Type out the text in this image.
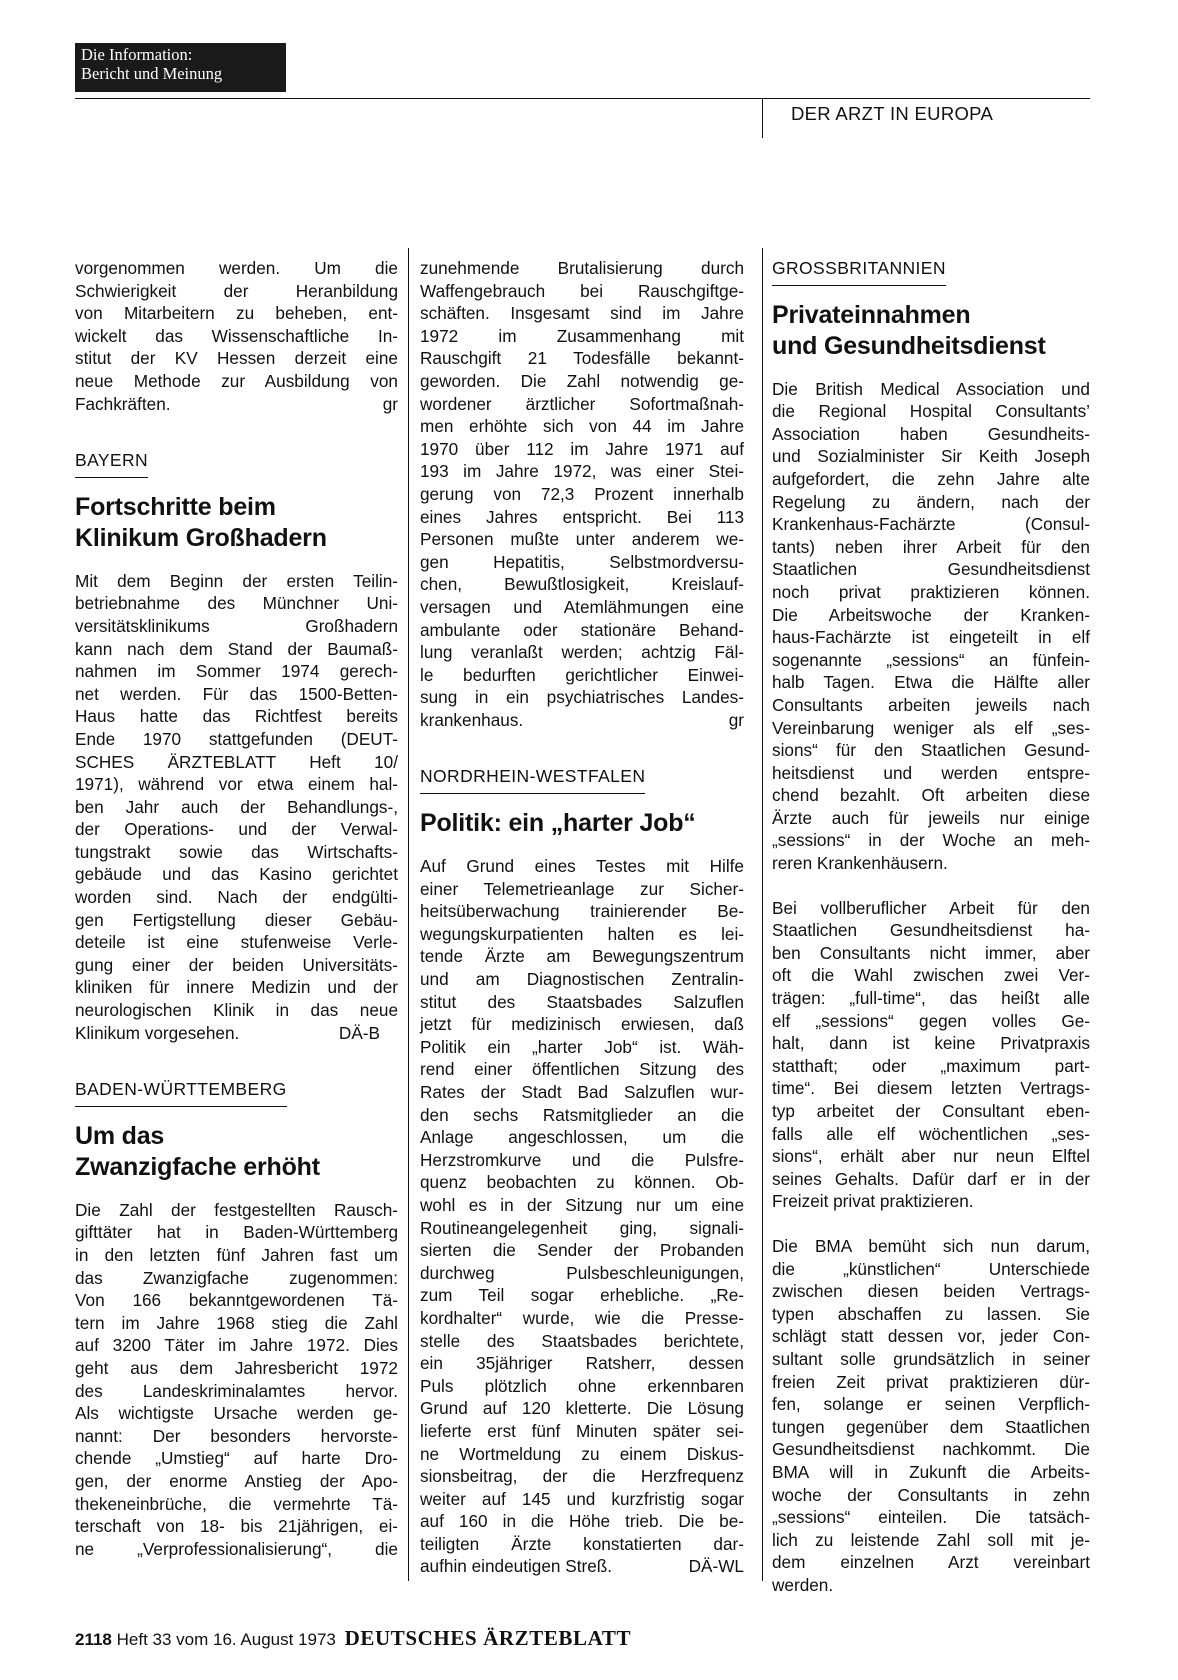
Die Information:
Bericht und Meinung
DER ARZT IN EUROPA
vorgenommen werden. Um die
Schwierigkeit der Heranbildung
von Mitarbeitern zu beheben, ent-
wickelt das Wissenschaftliche In-
stitut der KV Hessen derzeit eine
neue Methode zur Ausbildung von
Fachkräften.	gr
BAYERN
Fortschritte beim
Klinikum Großhadern
Mit dem Beginn der ersten Teilin-
betriebnahme des Münchner Uni-
versitätsklinikums Großhadern
kann nach dem Stand der Baumaß-
nahmen im Sommer 1974 gerech-
net werden. Für das 1500-Betten-
Haus hatte das Richtfest bereits
Ende 1970 stattgefunden (DEUT-
SCHES ÄRZTEBLATT Heft 10/
1971), während vor etwa einem hal-
ben Jahr auch der Behandlungs-,
der Operations- und der Verwal-
tungstrakt sowie das Wirtschafts-
gebäude und das Kasino gerichtet
worden sind. Nach der endgülti-
gen Fertigstellung dieser Gebäu-
deteile ist eine stufenweise Verle-
gung einer der beiden Universitäts-
kliniken für innere Medizin und der
neurologischen Klinik in das neue
Klinikum vorgesehen.	DÄ-B
BADEN-WÜRTTEMBERG
Um das
Zwanzigfache erhöht
Die Zahl der festgestellten Rausch-
gifttäter hat in Baden-Württemberg
in den letzten fünf Jahren fast um
das Zwanzigfache zugenommen:
Von 166 bekanntgewordenen Tä-
tern im Jahre 1968 stieg die Zahl
auf 3200 Täter im Jahre 1972. Dies
geht aus dem Jahresbericht 1972
des Landeskriminalamtes hervor.
Als wichtigste Ursache werden ge-
nannt: Der besonders hervorste-
chende „Umstieg“ auf harte Dro-
gen, der enorme Anstieg der Apo-
thekeneinbrüche, die vermehrte Tä-
terschaft von 18- bis 21jährigen, ei-
ne „Verprofessionalisierung“, die
zunehmende Brutalisierung durch
Waffengebrauch bei Rauschgiftge-
schäften. Insgesamt sind im Jahre
1972 im Zusammenhang mit
Rauschgift 21 Todesfälle bekannt-
geworden. Die Zahl notwendig ge-
wordener ärztlicher Sofortmaßnah-
men erhöhte sich von 44 im Jahre
1970 über 112 im Jahre 1971 auf
193 im Jahre 1972, was einer Stei-
gerung von 72,3 Prozent innerhalb
eines Jahres entspricht. Bei 113
Personen mußte unter anderem we-
gen Hepatitis, Selbstmordversu-
chen, Bewußtlosigkeit, Kreislauf-
versagen und Atemlähmungen eine
ambulante oder stationäre Behand-
lung veranlaßt werden; achtzig Fäl-
le bedurften gerichtlicher Einwei-
sung in ein psychiatrisches Landes-
krankenhaus.	gr
NORDRHEIN-WESTFALEN
Politik: ein „harter Job“
Auf Grund eines Testes mit Hilfe
einer Telemetrieanlage zur Sicher-
heitsüberwachung trainierender Be-
wegungskurpatienten halten es lei-
tende Ärzte am Bewegungszentrum
und am Diagnostischen Zentralin-
stitut des Staatsbades Salzuflen
jetzt für medizinisch erwiesen, daß
Politik ein „harter Job“ ist. Wäh-
rend einer öffentlichen Sitzung des
Rates der Stadt Bad Salzuflen wur-
den sechs Ratsmitglieder an die
Anlage angeschlossen, um die
Herzstromkurve und die Pulsfre-
quenz beobachten zu können. Ob-
wohl es in der Sitzung nur um eine
Routineangelegenheit ging, signali-
sierten die Sender der Probanden
durchweg Pulsbeschleunigungen,
zum Teil sogar erhebliche. „Re-
kordhalter“ wurde, wie die Presse-
stelle des Staatsbades berichtete,
ein 35jähriger Ratsherr, dessen
Puls plötzlich ohne erkennbaren
Grund auf 120 kletterte. Die Lösung
lieferte erst fünf Minuten später sei-
ne Wortmeldung zu einem Diskus-
sionsbeitrag, der die Herzfrequenz
weiter auf 145 und kurzfristig sogar
auf 160 in die Höhe trieb. Die be-
teiligten Ärzte konstatierten dar-
aufhin eindeutigen Streß.	DÄ-WL
GROSSBRITANNIEN
Privateinnahmen
und Gesundheitsdienst
Die British Medical Association und
die Regional Hospital Consultants’
Association haben Gesundheits-
und Sozialminister Sir Keith Joseph
aufgefordert, die zehn Jahre alte
Regelung zu ändern, nach der
Krankenhaus-Fachärzte (Consul-
tants) neben ihrer Arbeit für den
Staatlichen Gesundheitsdienst
noch privat praktizieren können.
Die Arbeitswoche der Kranken-
haus-Fachärzte ist eingeteilt in elf
sogenannte „sessions“ an fünfein-
halb Tagen. Etwa die Hälfte aller
Consultants arbeiten jeweils nach
Vereinbarung weniger als elf „ses-
sions“ für den Staatlichen Gesund-
heitsdienst und werden entspre-
chend bezahlt. Oft arbeiten diese
Ärzte auch für jeweils nur einige
„sessions“ in der Woche an meh-
reren Krankenhäusern.
Bei vollberuflicher Arbeit für den
Staatlichen Gesundheitsdienst ha-
ben Consultants nicht immer, aber
oft die Wahl zwischen zwei Ver-
trägen: „full-time“, das heißt alle
elf „sessions“ gegen volles Ge-
halt, dann ist keine Privatpraxis
statthaft; oder „maximum part-
time“. Bei diesem letzten Vertrags-
typ arbeitet der Consultant eben-
falls alle elf wöchentlichen „ses-
sions“, erhält aber nur neun Elftel
seines Gehalts. Dafür darf er in der
Freizeit privat praktizieren.
Die BMA bemüht sich nun darum,
die „künstlichen“ Unterschiede
zwischen diesen beiden Vertrags-
typen abschaffen zu lassen. Sie
schlägt statt dessen vor, jeder Con-
sultant solle grundsätzlich in seiner
freien Zeit privat praktizieren dür-
fen, solange er seinen Verpflich-
tungen gegenüber dem Staatlichen
Gesundheitsdienst nachkommt. Die
BMA will in Zukunft die Arbeits-
woche der Consultants in zehn
„sessions“ einteilen. Die tatsäch-
lich zu leistende Zahl soll mit je-
dem einzelnen Arzt vereinbart
werden.
2118 Heft 33 vom 16. August 1973 DEUTSCHES ÄRZTEBLATT
